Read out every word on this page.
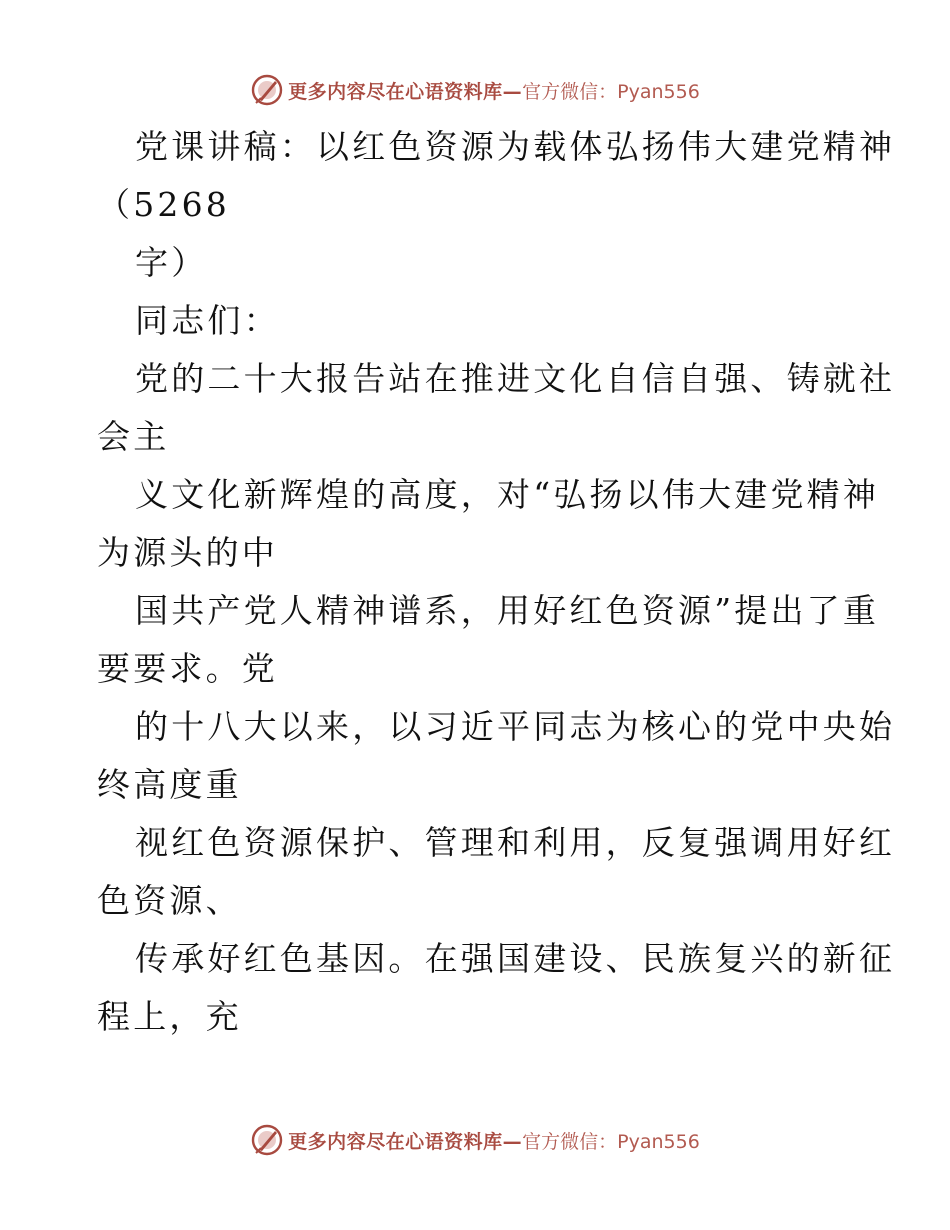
更多内容尽在心语资料库— 官方微信：Pyan556
党课讲稿：以红色资源为载体弘扬伟大建党精神
（5268
字）
同志们：
党的二十大报告站在推进文化自信自强、铸就社
会主
义文化新辉煌的高度，对“弘扬以伟大建党精神
为源头的中
国共产党人精神谱系，用好红色资源”提出了重
要要求。党
的十八大以来，以习近平同志为核心的党中央始
终高度重
视红色资源保护、管理和利用，反复强调用好红
色资源、
传承好红色基因。在强国建设、民族复兴的新征
程上，充
更多内容尽在心语资料库— 官方微信：Pyan556
